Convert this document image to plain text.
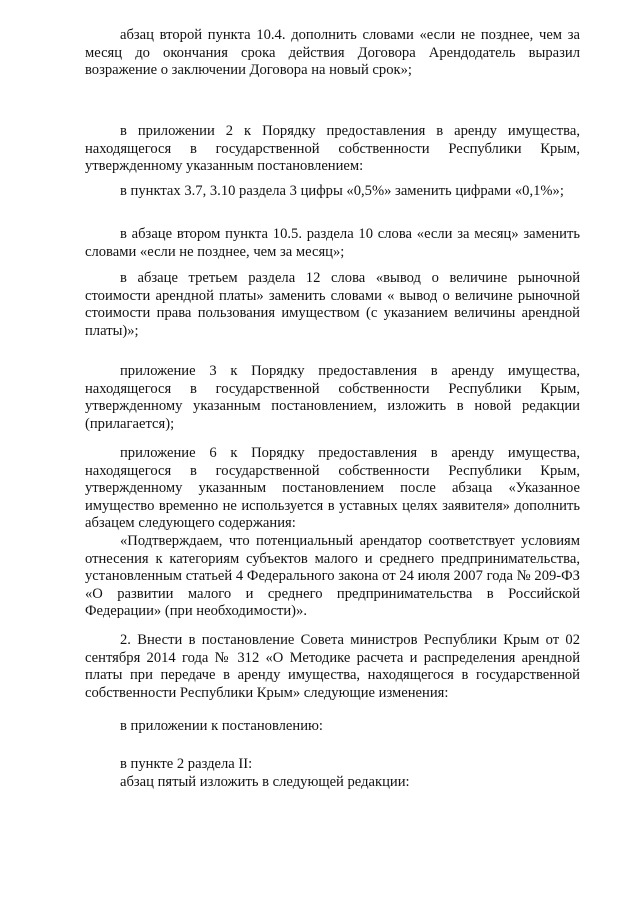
абзац второй пункта 10.4. дополнить словами «если не позднее, чем за месяц до окончания срока действия Договора Арендодатель выразил возражение о заключении Договора на новый срок»;

в приложении 2 к Порядку предоставления в аренду имущества, находящегося в государственной собственности Республики Крым, утвержденному указанным постановлением:

в пунктах 3.7, 3.10 раздела 3 цифры «0,5%» заменить цифрами «0,1%»;

в абзаце втором пункта 10.5. раздела 10 слова «если за месяц» заменить словами «если не позднее, чем за месяц»;

в абзаце третьем раздела 12 слова «вывод о величине рыночной стоимости арендной платы» заменить словами « вывод о величине рыночной стоимости права пользования имуществом (с указанием величины арендной платы)»;

приложение 3 к Порядку предоставления в аренду имущества, находящегося в государственной собственности Республики Крым, утвержденному указанным постановлением, изложить в новой редакции (прилагается);

приложение 6 к Порядку предоставления в аренду имущества, находящегося в государственной собственности Республики Крым, утвержденному указанным постановлением после абзаца «Указанное имущество временно не используется в уставных целях заявителя» дополнить абзацем следующего содержания:

«Подтверждаем, что потенциальный арендатор соответствует условиям отнесения к категориям субъектов малого и среднего предпринимательства, установленным статьей 4 Федерального закона от 24 июля 2007 года № 209-ФЗ «О развитии малого и среднего предпринимательства в Российской Федерации» (при необходимости)».

2. Внести в постановление Совета министров Республики Крым от 02 сентября 2014 года № 312 «О Методике расчета и распределения арендной платы при передаче в аренду имущества, находящегося в государственной собственности Республики Крым» следующие изменения:

в приложении к постановлению:

в пункте 2 раздела II:

абзац пятый изложить в следующей редакции:
